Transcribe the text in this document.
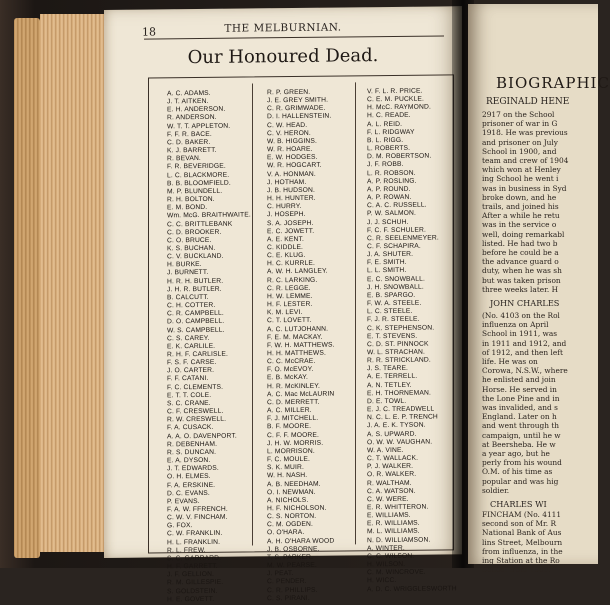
18	THE MELBURNIAN.
Our Honoured Dead.
A. C. ADAMS.
J. T. AITKEN.
E. H. ANDERSON.
R. ANDERSON.
W. T. T. APPLETON.
F. F. R. BACE.
C. D. BAKER.
K. J. BARRETT.
R. BEVAN.
F. R. BEVERIDGE.
L. C. BLACKMORE.
B. B. BLOOMFIELD.
M. P. BLUNDELL.
R. H. BOLTON.
E. M. BOND.
Wm. McG. BRAITHWAITE.
C. C. BRITTLEBANK
C. D. BROOKER.
C. O. BRUCE.
K. S. BUCHAN.
C. V. BUCKLAND.
H. BURKE.
J. BURNETT.
H. R. H. BUTLER.
J. H. R. BUTLER.
B. CALCUTT.
C. H. COTTER.
C. R. CAMPBELL.
D. O. CAMPBELL.
W. S. CAMPBELL.
C. S. CAREY.
E. K. CARLILE.
R. H. F. CARLISLE.
F. S. F. CARSE.
J. O. CARTER.
F. F. CATANI.
F. C. CLEMENTS.
E. T. T. COLE.
S. C. CRANE.
C. F. CRESWELL.
R. W. CRESWELL.
F. A. CUSACK.
A. A. O. DAVENPORT.
R. DEBENHAM.
R. S. DUNCAN.
E. A. DYSON.
J. T. EDWARDS.
O. H. ELMES.
F. A. ERSKINE.
D. C. EVANS.
P. EVANS.
F. A. W. FFRENCH.
C. W. V. FINCHAM.
G. FOX.
C. W. FRANKLIN.
H. L. FRANKLIN.
R. L. FREW.
S. C. GARRARD.
H. F. GARRETT.
J. F. GELLION.
R. M. GILLESPIE.
S. GOLDSTEIN.
H. E. GOVETT.
R. P. GREEN.
J. E. GREY SMITH.
C. R. GRIMWADE.
D. I. HALLENSTEIN.
C. W. HEAD.
C. V. HERON.
W. B. HIGGINS.
W. R. HOARE.
E. W. HODGES.
W. R. HOGCART.
V. A. HONMAN.
J. HOTHAM.
J. B. HUDSON.
H. H. HUNTER.
C. HURRY.
J. HOSEPH.
S. A. JOSEPH.
E. C. JOWETT.
A. E. KENT.
C. KIDDLE.
C. E. KLUG.
H. C. KURRLE.
A. W. H. LANGLEY.
R. C. LARKING.
C. R. LEGGE.
H. W. LEMME.
H. F. LESTER.
K. M. LEVI.
C. T. LOVETT.
A. C. LUTJOHANN.
F. E. M. MACKAY.
F. W. H. MATTHEWS.
H. H. MATTHEWS.
C. C. McCRAE.
F. O. McEVOY.
E. B. McKAY.
H. R. McKINLEY.
A. C. Mac McLAURIN
C. D. MERRETT.
A. C. MILLER.
F. J. MITCHELL.
B. F. MOORE.
C. F. F. MOORE.
J. H. W. MORRIS.
L. MORRISON.
F. C. MOULE.
S. K. MUIR.
W. H. NASH.
A. B. NEEDHAM.
O. I. NEWMAN.
A. NICHOLS.
H. F. NICHOLSON.
C. S. NORTON.
C. M. OGDEN.
O. O'HARA.
A. H. O'HARA WOOD
J. B. OSBORNE.
T. S. PARKER.
M. W. PEARSE.
J. PEAT.
C. PENDER.
C. R. PHILLIPS.
C. S. PIRANI.
V. F. L. R. PRICE.
C. E. M. PUCKLE.
H. McC. RAYMOND.
H. C. READE.
A. L. REID.
F. L. RIDGWAY
B. L. RIGG.
L. ROBERTS.
D. M. ROBERTSON.
J. F. ROBB.
L. R. ROBSON.
A. P. ROSLING.
A. P. ROUND.
A. P. ROWAN.
C. A. C. RUSSELL.
P. W. SALMON.
J. J. SCHUH.
F. C. F. SCHULER.
C. R. SEELENMEYER.
C. F. SCHAPIRA.
J. A. SHUTER.
F. E. SMITH.
L. L. SMITH.
E. C. SNOWBALL.
J. H. SNOWBALL.
E. B. SPARGO.
F. W. A. STEELE.
L. C. STEELE.
F. J. R. STEELE.
C. K. STEPHENSON.
E. T. STEVENS.
C. D. ST. PINNOCK
W. L. STRACHAN.
R. R. STRICKLAND.
J. S. TEARE.
A. E. TERRELL.
A. N. TETLEY.
E. H. THORNEMAN.
D. E. TOWL.
E. J. C. TREADWELL
N. C. L. E. P. TRENCH
J. A. E. K. TYSON.
A. S. UPWARD.
O. W. W. VAUGHAN.
W. A. VINE.
C. T. WALLACK.
P. J. WALKER.
O. R. WALKER.
R. WALTHAM.
C. A. WATSON.
C. W. WERE.
E. R. WHITTERON.
E. WILLIAMS.
E. R. WILLIAMS.
M. L. WILLIAMS.
N. D. WILLIAMSON.
A. WINTER.
C. C. WILSON.
H. WILSON.
C. M. WINCROVE.
H. WICC.
A. D. C. WRIGGLESWORTH
BIOGRAPHIC
REGINALD HENE
2917 on the School
prisoner of war in G
1918. He was previous
and prisoner on July
School in 1900, and
team and crew of 1904
which won at Henley
ing School he went i
was in business in Syd
broke down, and he
trails, and joined his
After a while he retu
was in the service o
well, doing remarkabl
listed. He had two b
before he could be a
the advance guard o
duty, when he was sh
but was taken prison
three weeks later. H
JOHN CHARLES
(No. 4103 on the Rol
influenza on April
School in 1911, was
in 1911 and 1912, and
of 1912, and then left
life. He was on
Corowa, N.S.W., where
he enlisted and join
Horse. He served in
the Lone Pine and in
was invalided, and s
England. Later on h
and went through th
campaign, until he w
at Beersheba. He w
a year ago, but he
perly from his wound
O.M. of his time as
popular and was hig
soldier.
CHARLES WI
FINCHAM (No. 4111
second son of Mr. R
National Bank of Aus
lins Street, Melbourn
from influenza, in the
ing Station at the Ro
School from 1909.
